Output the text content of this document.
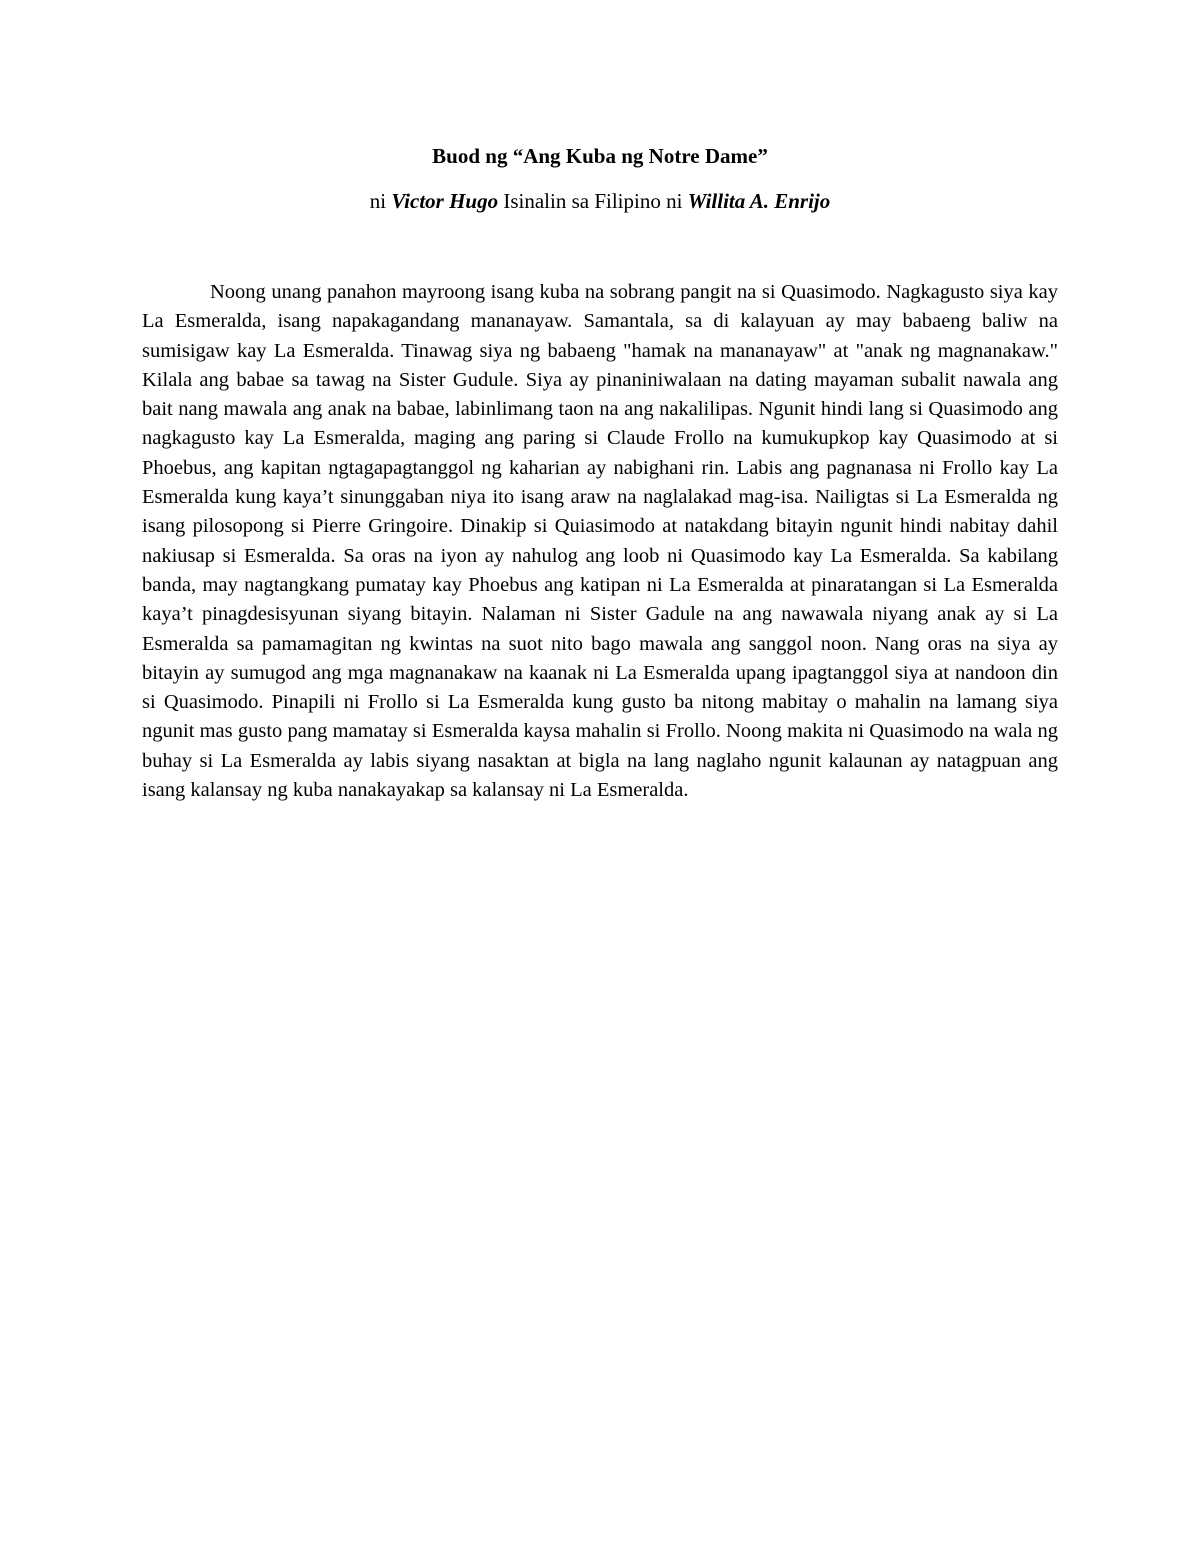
Buod ng “Ang Kuba ng Notre Dame”

ni Victor Hugo Isinalin sa Filipino ni Willita A. Enrijo

Noong unang panahon mayroong isang kuba na sobrang pangit na si Quasimodo. Nagkagusto siya kay La Esmeralda, isang napakagandang mananayaw. Samantala, sa di kalayuan ay may babaeng baliw na sumisigaw kay La Esmeralda. Tinawag siya ng babaeng "hamak na mananayaw" at "anak ng magnanakaw." Kilala ang babae sa tawag na Sister Gudule. Siya ay pinaniniwalaan na dating mayaman subalit nawala ang bait nang mawala ang anak na babae, labinlimang taon na ang nakalilipas. Ngunit hindi lang si Quasimodo ang nagkagusto kay La Esmeralda, maging ang paring si Claude Frollo na kumukupkop kay Quasimodo at si Phoebus, ang kapitan ngtagapagtanggol ng kaharian ay nabighani rin. Labis ang pagnanasa ni Frollo kay La Esmeralda kung kaya’t sinunggaban niya ito isang araw na naglalakad mag-isa. Nailigtas si La Esmeralda ng isang pilosopong si Pierre Gringoire. Dinakip si Quiasimodo at natakdang bitayin ngunit hindi nabitay dahil nakiusap si Esmeralda. Sa oras na iyon ay nahulog ang loob ni Quasimodo kay La Esmeralda. Sa kabilang banda, may nagtangkang pumatay kay Phoebus ang katipan ni La Esmeralda at pinaratangan si La Esmeralda kaya’t pinagdesisyunan siyang bitayin. Nalaman ni Sister Gadule na ang nawawala niyang anak ay si La Esmeralda sa pamamagitan ng kwintas na suot nito bago mawala ang sanggol noon. Nang oras na siya ay bitayin ay sumugod ang mga magnanakaw na kaanak ni La Esmeralda upang ipagtanggol siya at nandoon din si Quasimodo. Pinapili ni Frollo si La Esmeralda kung gusto ba nitong mabitay o mahalin na lamang siya ngunit mas gusto pang mamatay si Esmeralda kaysa mahalin si Frollo. Noong makita ni Quasimodo na wala ng buhay si La Esmeralda ay labis siyang nasaktan at bigla na lang naglaho ngunit kalaunan ay natagpuan ang isang kalansay ng kuba nanakayakap sa kalansay ni La Esmeralda.
